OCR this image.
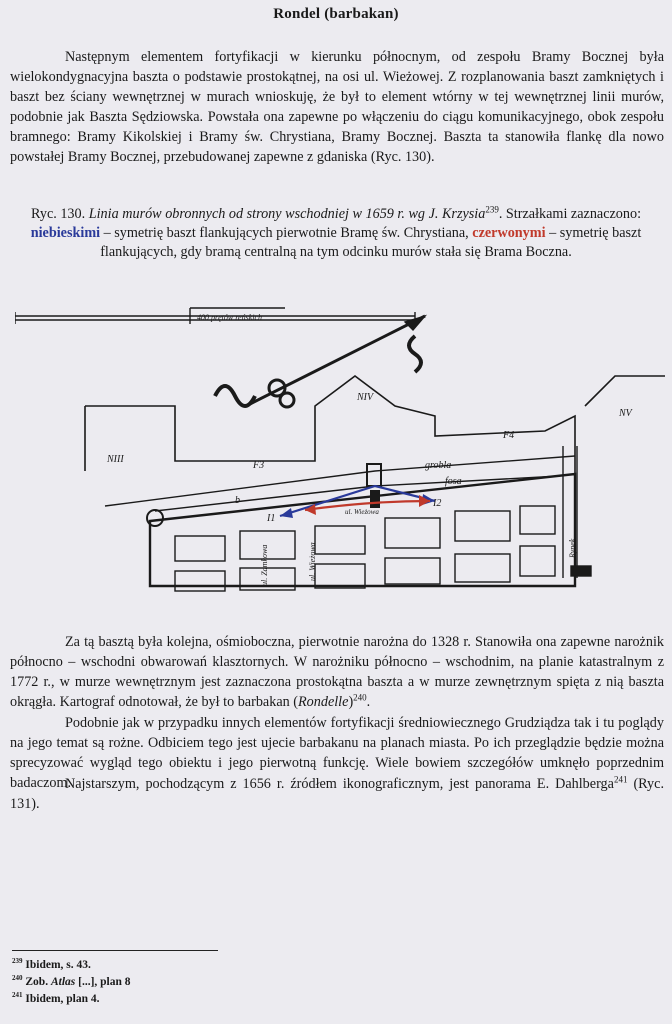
Rondel (barbakan)

Następnym elementem fortyfikacji w kierunku północnym, od zespołu Bramy Bocznej była wielokondygnacyjna baszta o podstawie prostokątnej, na osi ul. Wieżowej. Z rozplanowania baszt zamkniętych i baszt bez ściany wewnętrznej w murach wnioskuję, że był to element wtórny w tej wewnętrznej linii murów, podobnie jak Baszta Sędziowska. Powstała ona zapewne po włączeniu do ciągu komunikacyjnego, obok zespołu bramnego: Bramy Kikolskiej i Bramy św. Chrystiana, Bramy Bocznej. Baszta ta stanowiła flankę dla nowo powstałej Bramy Bocznej, przebudowanej zapewne z gdaniska (Ryc. 130).

Ryc. 130. Linia murów obronnych od strony wschodniej w 1659 r. wg J. Krzysia$^{239}$. Strzałkami zaznaczono: niebieskimi – symetrię baszt flankujących pierwotnie Bramę św. Chrystiana, czerwonymi – symetrię baszt flankujących, gdy bramą centralną na tym odcinku murów stała się Brama Boczna.
400 prętów reńskich
N S
NIII
NIV
NV
F3
F4
grobla
fosa
b
I1
I2
ul. Wieżowa
ul. Zamkowa	ul. Wieżowa	Rynek

Za tą basztą była kolejna, ośmioboczna, pierwotnie narożna do 1328 r. Stanowiła ona zapewne narożnik północno – wschodni obwarowań klasztornych. W narożniku północno – wschodnim, na planie katastralnym z 1772 r., w murze wewnętrznym jest zaznaczona prostokątna baszta a w murze zewnętrznym spięta z nią baszta okrągła. Kartograf odnotował, że był to barbakan (Rondelle)$^{240}$.

Podobnie jak w przypadku innych elementów fortyfikacji średniowiecznego Grudziądza tak i tu poglądy na jego temat są rożne. Odbiciem tego jest ujecie barbakanu na planach miasta. Po ich przeglądzie będzie można sprecyzować wygląd tego obiektu i jego pierwotną funkcję. Wiele bowiem szczegółów umknęło poprzednim badaczom.

Najstarszym, pochodzącym z 1656 r. źródłem ikonograficznym, jest panorama E. Dahlberga$^{241}$ (Ryc. 131).

$^{239}$ Ibidem, s. 43.
$^{240}$ Zob. Atlas [...], plan 8
$^{241}$ Ibidem, plan 4.
